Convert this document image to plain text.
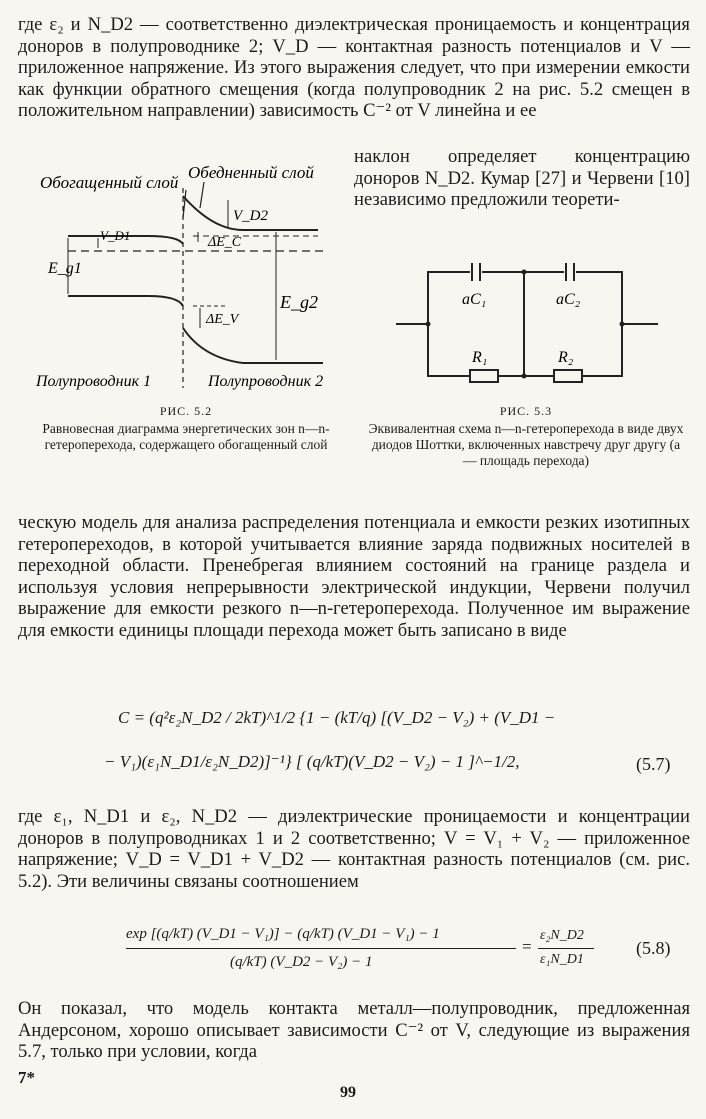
где ε₂ и N_D2 — соответственно диэлектрическая проницаемость и концентрация доноров в полупроводнике 2; V_D — контактная разность потенциалов и V — приложенное напряжение. Из этого выражения следует, что при измерении емкости как функции обратного смещения (когда полупроводник 2 на рис. 5.2 смещен в положительном направлении) зависимость C⁻² от V линейна и ее
наклон определяет концентрацию доноров N_D2. Кумар [27] и Червени [10] независимо предложили теорети-
Обогащенный слой
Обедненный слой
V_D2
V_D1	ΔE_C
E_g1
E_g2
ΔE_V
Полупроводник 1	Полупроводник 2
РИС. 5.2
Равновесная диаграмма энергетических зон n—n-гетероперехода, содержащего обогащенный слой
aC₁	aC₂
R₁	R₂
РИС. 5.3
Эквивалентная схема n—n-гетероперехода в виде двух диодов Шоттки, включенных навстречу друг другу (a — площадь перехода)
ческую модель для анализа распределения потенциала и емкости резких изотипных гетеропереходов, в которой учитывается влияние заряда подвижных носителей в переходной области. Пренебрегая влиянием состояний на границе раздела и используя условия непрерывности электрической индукции, Червени получил выражение для емкости резкого n—n-гетероперехода. Полученное им выражение для емкости единицы площади перехода может быть записано в виде
C = (q²ε₂N_D2 / 2kT)^1/2 {1 − (kT/q) [(V_D2 − V₂) + (V_D1 −
− V₁)(ε₁N_D1/ε₂N_D2)]⁻¹} [ (q/kT)(V_D2 − V₂) − 1 ]^−1/2,	(5.7)
где ε₁, N_D1 и ε₂, N_D2 — диэлектрические проницаемости и концентрации доноров в полупроводниках 1 и 2 соответственно; V = V₁ + V₂ — приложенное напряжение; V_D = V_D1 + V_D2 — контактная разность потенциалов (см. рис. 5.2). Эти величины связаны соотношением
exp [(q/kT) (V_D1 − V₁)] − (q/kT) (V_D1 − V₁) − 1
(q/kT) (V_D2 − V₂) − 1
=
ε₂N_D2
ε₁N_D1
(5.8)
Он показал, что модель контакта металл—полупроводник, предложенная Андерсоном, хорошо описывает зависимости C⁻² от V, следующие из выражения 5.7, только при условии, когда
7*
99
